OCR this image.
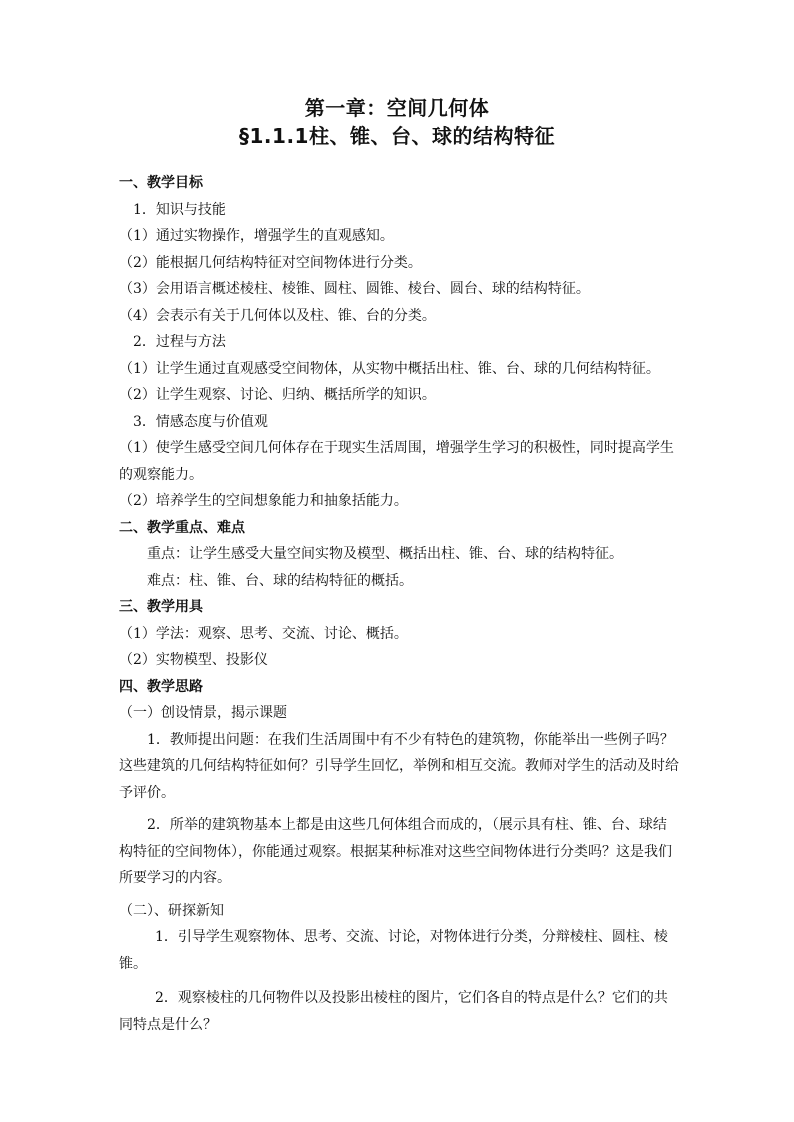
第一章：空间几何体
§1.1.1柱、锥、台、球的结构特征
一、教学目标
1．知识与技能
（1）通过实物操作，增强学生的直观感知。
（2）能根据几何结构特征对空间物体进行分类。
（3）会用语言概述棱柱、棱锥、圆柱、圆锥、棱台、圆台、球的结构特征。
（4）会表示有关于几何体以及柱、锥、台的分类。
2．过程与方法
（1）让学生通过直观感受空间物体，从实物中概括出柱、锥、台、球的几何结构特征。
（2）让学生观察、讨论、归纳、概括所学的知识。
3．情感态度与价值观
（1）使学生感受空间几何体存在于现实生活周围，增强学生学习的积极性，同时提高学生的观察能力。
（2）培养学生的空间想象能力和抽象括能力。
二、教学重点、难点
重点：让学生感受大量空间实物及模型、概括出柱、锥、台、球的结构特征。
难点：柱、锥、台、球的结构特征的概括。
三、教学用具
（1）学法：观察、思考、交流、讨论、概括。
（2）实物模型、投影仪
四、教学思路
（一）创设情景，揭示课题
1．教师提出问题：在我们生活周围中有不少有特色的建筑物，你能举出一些例子吗？这些建筑的几何结构特征如何？引导学生回忆，举例和相互交流。教师对学生的活动及时给予评价。
2．所举的建筑物基本上都是由这些几何体组合而成的，（展示具有柱、锥、台、球结构特征的空间物体），你能通过观察。根据某种标准对这些空间物体进行分类吗？这是我们所要学习的内容。
（二）、研探新知
1．引导学生观察物体、思考、交流、讨论，对物体进行分类，分辩棱柱、圆柱、棱锥。
2．观察棱柱的几何物件以及投影出棱柱的图片，它们各自的特点是什么？它们的共同特点是什么？
